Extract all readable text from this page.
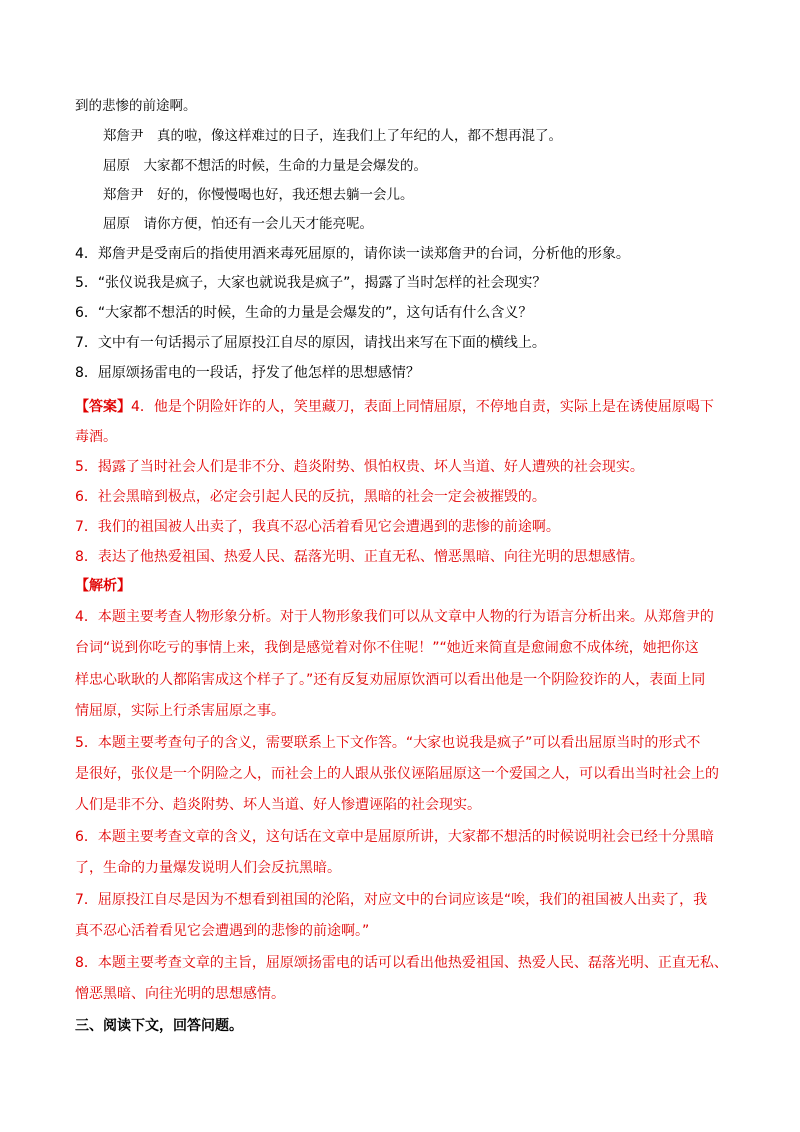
到的悲惨的前途啊。
郑詹尹　真的啦，像这样难过的日子，连我们上了年纪的人，都不想再混了。
屈原　大家都不想活的时候，生命的力量是会爆发的。
郑詹尹　好的，你慢慢喝也好，我还想去躺一会儿。
屈原　请你方便，怕还有一会儿天才能亮呢。
4．郑詹尹是受南后的指使用酒来毒死屈原的，请你读一读郑詹尹的台词，分析他的形象。
5．“张仪说我是疯子，大家也就说我是疯子”，揭露了当时怎样的社会现实？
6．“大家都不想活的时候，生命的力量是会爆发的”，这句话有什么含义？
7．文中有一句话揭示了屈原投江自尽的原因，请找出来写在下面的横线上。
8．屈原颂扬雷电的一段话，抒发了他怎样的思想感情？
【答案】4．他是个阴险奸诈的人，笑里藏刀，表面上同情屈原，不停地自责，实际上是在诱使屈原喝下
毒酒。
5．揭露了当时社会人们是非不分、趋炎附势、惧怕权贵、坏人当道、好人遭殃的社会现实。
6．社会黑暗到极点，必定会引起人民的反抗，黑暗的社会一定会被摧毁的。
7．我们的祖国被人出卖了，我真不忍心活着看见它会遭遇到的悲惨的前途啊。
8．表达了他热爱祖国、热爱人民、磊落光明、正直无私、憎恶黑暗、向往光明的思想感情。
【解析】
4．本题主要考查人物形象分析。对于人物形象我们可以从文章中人物的行为语言分析出来。从郑詹尹的
台词“说到你吃亏的事情上来，我倒是感觉着对你不住呢！”“她近来简直是愈闹愈不成体统，她把你这
样忠心耿耿的人都陷害成这个样子了。”还有反复劝屈原饮酒可以看出他是一个阴险狡诈的人，表面上同
情屈原，实际上行杀害屈原之事。
5．本题主要考查句子的含义，需要联系上下文作答。“大家也说我是疯子”可以看出屈原当时的形式不
是很好，张仪是一个阴险之人，而社会上的人跟从张仪诬陷屈原这一个爱国之人，可以看出当时社会上的
人们是非不分、趋炎附势、坏人当道、好人惨遭诬陷的社会现实。
6．本题主要考查文章的含义，这句话在文章中是屈原所讲，大家都不想活的时候说明社会已经十分黑暗
了，生命的力量爆发说明人们会反抗黑暗。
7．屈原投江自尽是因为不想看到祖国的沦陷，对应文中的台词应该是“唉，我们的祖国被人出卖了，我
真不忍心活着看见它会遭遇到的悲惨的前途啊。”
8．本题主要考查文章的主旨，屈原颂扬雷电的话可以看出他热爱祖国、热爱人民、磊落光明、正直无私、
憎恶黑暗、向往光明的思想感情。
三、阅读下文，回答问题。
